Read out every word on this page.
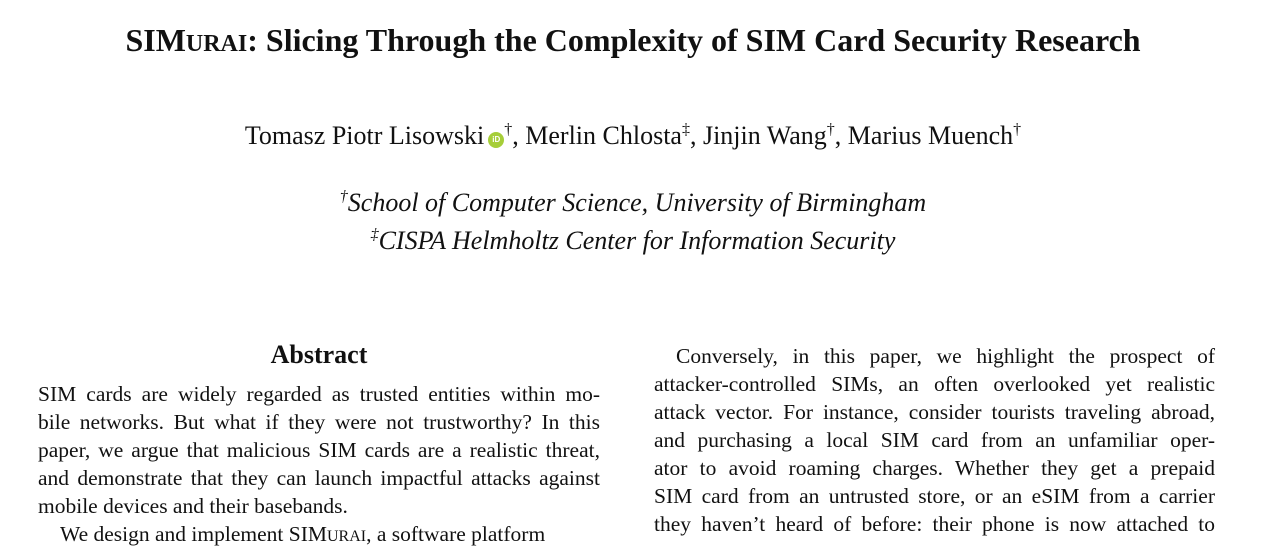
SIMURAI: Slicing Through the Complexity of SIM Card Security Research
Tomasz Piotr Lisowski iD†, Merlin Chlosta‡, Jinjin Wang†, Marius Muench†
†School of Computer Science, University of Birmingham
‡CISPA Helmholtz Center for Information Security
Abstract
SIM cards are widely regarded as trusted entities within mo-
bile networks. But what if they were not trustworthy? In this
paper, we argue that malicious SIM cards are a realistic threat,
and demonstrate that they can launch impactful attacks against
mobile devices and their basebands.
We design and implement SIMURAI, a software platform
Conversely, in this paper, we highlight the prospect of
attacker-controlled SIMs, an often overlooked yet realistic
attack vector. For instance, consider tourists traveling abroad,
and purchasing a local SIM card from an unfamiliar oper-
ator to avoid roaming charges. Whether they get a prepaid
SIM card from an untrusted store, or an eSIM from a carrier
they haven’t heard of before: their phone is now attached to
